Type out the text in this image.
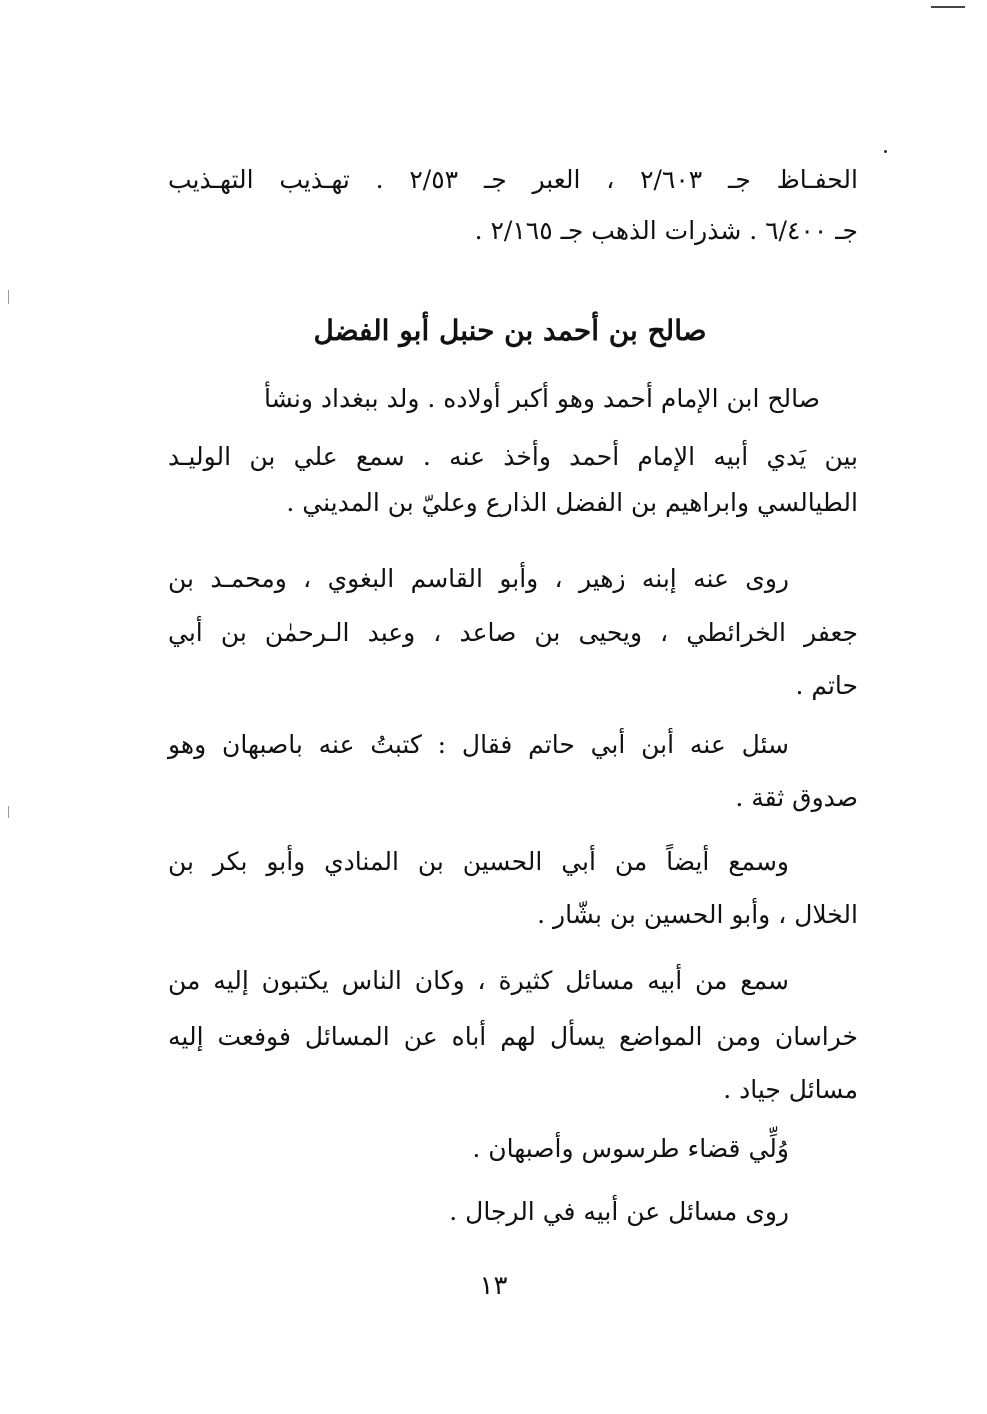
الحفـاظ جـ ٢/٦٠٣ ، العبر جـ ٢/٥٣ . تهـذيب التهـذيب
جـ ٦/٤٠٠ . شذرات الذهب جـ ٢/١٦٥ .
صالح بن أحمد بن حنبل أبو الفضل
صالح ابن الإمام أحمد وهو أكبر أولاده . ولد ببغداد ونشأ
بين يَدي أبيه الإمام أحمد وأخذ عنه . سمع علي بن الوليـد
الطيالسي وابراهيم بن الفضل الذارع وعليّ بن المديني .
روى عنه إبنه زهير ، وأبو القاسم البغوي ، ومحمـد بن
جعفر الخرائطي ، ويحيى بن صاعد ، وعبد الـرحمٰن بن أبي
حاتم .
سئل عنه أبن أبي حاتم فقال : كتبتُ عنه باصبهان وهو
صدوق ثقة .
وسمع أيضاً من أبي الحسين بن المنادي وأبو بكر بن
الخلال ، وأبو الحسين بن بشّار .
سمع من أبيه مسائل كثيرة ، وكان الناس يكتبون إليه من
خراسان ومن المواضع يسأل لهم أباه عن المسائل فوفعت إليه
مسائل جياد .
وُلِّي قضاء طرسوس وأصبهان .
روى مسائل عن أبيه في الرجال .
١٣
